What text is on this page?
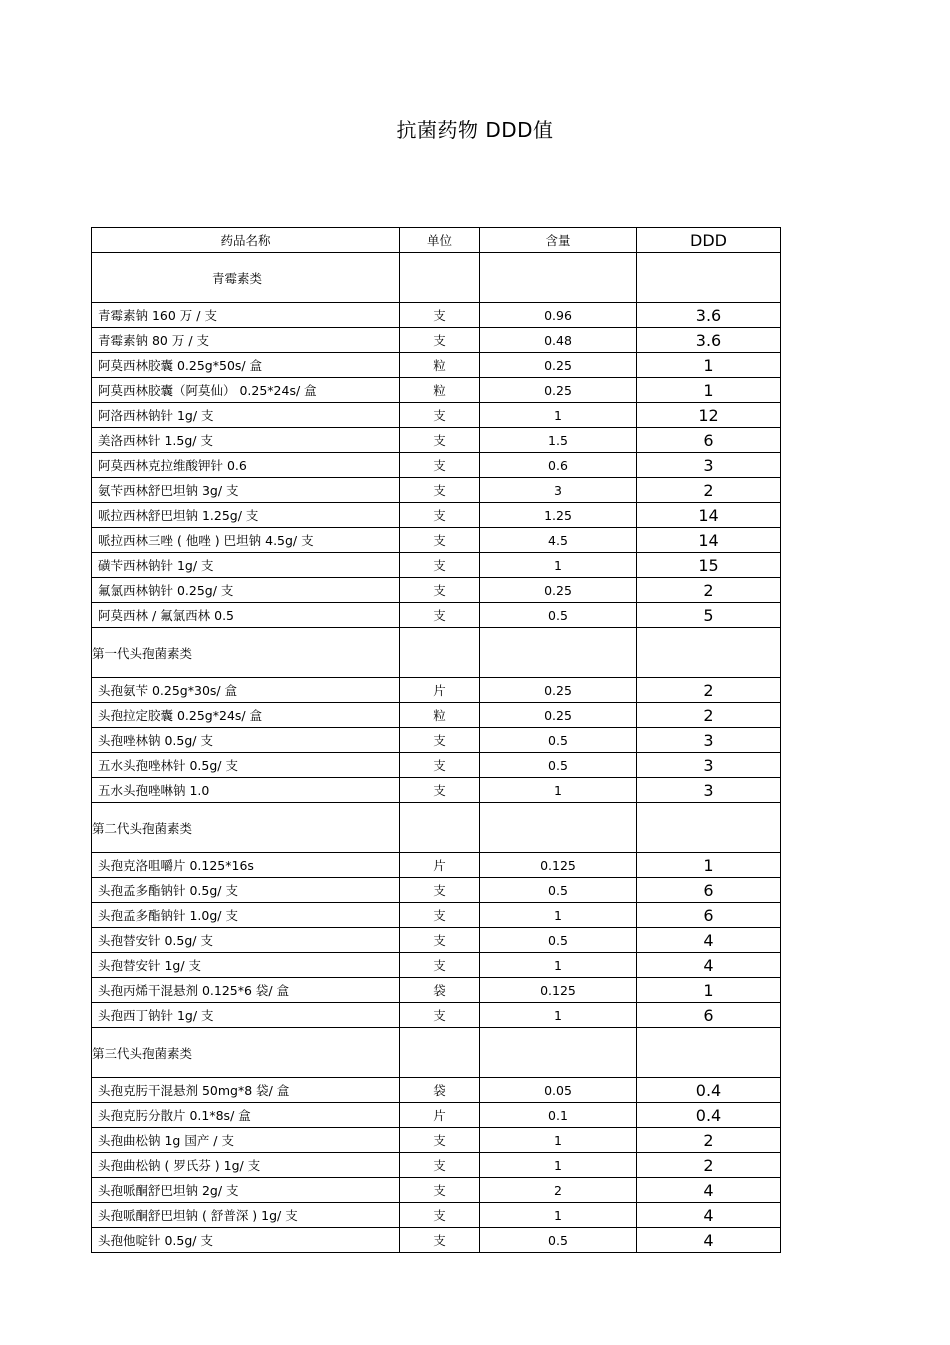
抗菌药物 DDD值
药品名称	单位	含量	DDD
青霉素类			
青霉素钠 160 万 / 支	支	0.96	3.6
青霉素钠 80 万 / 支	支	0.48	3.6
阿莫西林胶囊 0.25g*50s/ 盒	粒	0.25	1
阿莫西林胶囊（阿莫仙） 0.25*24s/ 盒	粒	0.25	1
阿洛西林钠针 1g/ 支	支	1	12
美洛西林针 1.5g/ 支	支	1.5	6
阿莫西林克拉维酸钾针 0.6	支	0.6	3
氨苄西林舒巴坦钠 3g/ 支	支	3	2
哌拉西林舒巴坦钠 1.25g/ 支	支	1.25	14
哌拉西林三唑 ( 他唑 ) 巴坦钠 4.5g/ 支	支	4.5	14
磺苄西林钠针 1g/ 支	支	1	15
氟氯西林钠针 0.25g/ 支	支	0.25	2
阿莫西林 / 氟氯西林 0.5	支	0.5	5
第一代头孢菌素类			
头孢氨苄 0.25g*30s/ 盒	片	0.25	2
头孢拉定胶囊 0.25g*24s/ 盒	粒	0.25	2
头孢唑林钠 0.5g/ 支	支	0.5	3
五水头孢唑林针 0.5g/ 支	支	0.5	3
五水头孢唑啉钠 1.0	支	1	3
第二代头孢菌素类			
头孢克洛咀嚼片 0.125*16s	片	0.125	1
头孢孟多酯钠针 0.5g/ 支	支	0.5	6
头孢孟多酯钠针 1.0g/ 支	支	1	6
头孢替安针 0.5g/ 支	支	0.5	4
头孢替安针 1g/ 支	支	1	4
头孢丙烯干混悬剂 0.125*6 袋/ 盒	袋	0.125	1
头孢西丁钠针 1g/ 支	支	1	6
第三代头孢菌素类			
头孢克肟干混悬剂 50mg*8 袋/ 盒	袋	0.05	0.4
头孢克肟分散片 0.1*8s/ 盒	片	0.1	0.4
头孢曲松钠 1g 国产 / 支	支	1	2
头孢曲松钠 ( 罗氏芬 ) 1g/ 支	支	1	2
头孢哌酮舒巴坦钠 2g/ 支	支	2	4
头孢哌酮舒巴坦钠 ( 舒普深 ) 1g/ 支	支	1	4
头孢他啶针 0.5g/ 支	支	0.5	4
